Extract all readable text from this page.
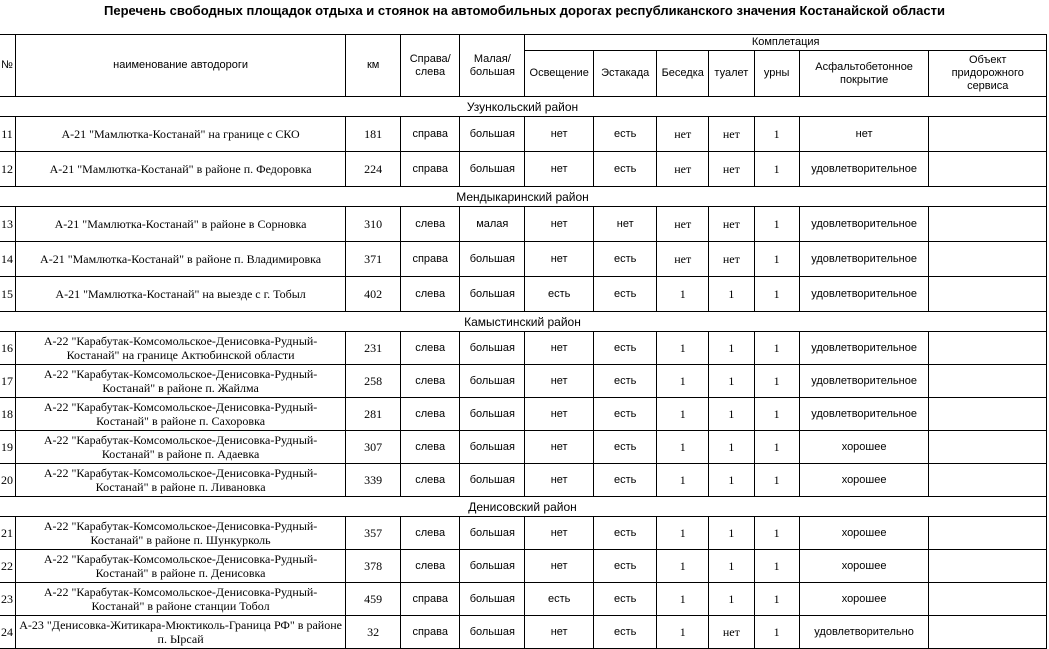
Перечень свободных площадок отдыха и стоянок на автомобильных дорогах республиканского значения Костанайской области
№	наименование автодороги	км	Справа/ слева	Малая/ большая	Комплетация						
					Освещение	Эстакада	Беседка	туалет	урны	Асфальтобетонное покрытие	Объект придорожного сервиса
Узункольский район											
11	А-21 "Мамлютка-Костанай" на границе с СКО	181	справа	большая	нет	есть	нет	нет	1	нет	
12	А-21 "Мамлютка-Костанай" в районе п. Федоровка	224	справа	большая	нет	есть	нет	нет	1	удовлетворительное	
Мендыкаринский район											
13	А-21 "Мамлютка-Костанай" в районе в Сорновка	310	слева	малая	нет	нет	нет	нет	1	удовлетворительное	
14	А-21 "Мамлютка-Костанай" в районе п. Владимировка	371	справа	большая	нет	есть	нет	нет	1	удовлетворительное	
15	А-21 "Мамлютка-Костанай" на выезде с г. Тобыл	402	слева	большая	есть	есть	1	1	1	удовлетворительное	
Камыстинский район											
16	А-22 "Карабутак-Комсомольское-Денисовка-Рудный-Костанай" на границе Актюбинской области	231	слева	большая	нет	есть	1	1	1	удовлетворительное	
17	А-22 "Карабутак-Комсомольское-Денисовка-Рудный-Костанай" в районе п. Жайлма	258	слева	большая	нет	есть	1	1	1	удовлетворительное	
18	А-22 "Карабутак-Комсомольское-Денисовка-Рудный-Костанай" в районе п. Сахоровка	281	слева	большая	нет	есть	1	1	1	удовлетворительное	
19	А-22 "Карабутак-Комсомольское-Денисовка-Рудный-Костанай" в районе п. Адаевка	307	слева	большая	нет	есть	1	1	1	хорошее	
20	А-22 "Карабутак-Комсомольское-Денисовка-Рудный-Костанай" в районе п. Ливановка	339	слева	большая	нет	есть	1	1	1	хорошее	
Денисовский район											
21	А-22 "Карабутак-Комсомольское-Денисовка-Рудный-Костанай" в районе п. Шункурколь	357	слева	большая	нет	есть	1	1	1	хорошее	
22	А-22 "Карабутак-Комсомольское-Денисовка-Рудный-Костанай" в районе п. Денисовка	378	слева	большая	нет	есть	1	1	1	хорошее	
23	А-22 "Карабутак-Комсомольское-Денисовка-Рудный-Костанай" в районе станции Тобол	459	справа	большая	есть	есть	1	1	1	хорошее	
24	А-23 "Денисовка-Житикара-Мюктиколь-Граница РФ" в районе п. Ырсай	32	справа	большая	нет	есть	1	нет	1	удовлетворительно	
